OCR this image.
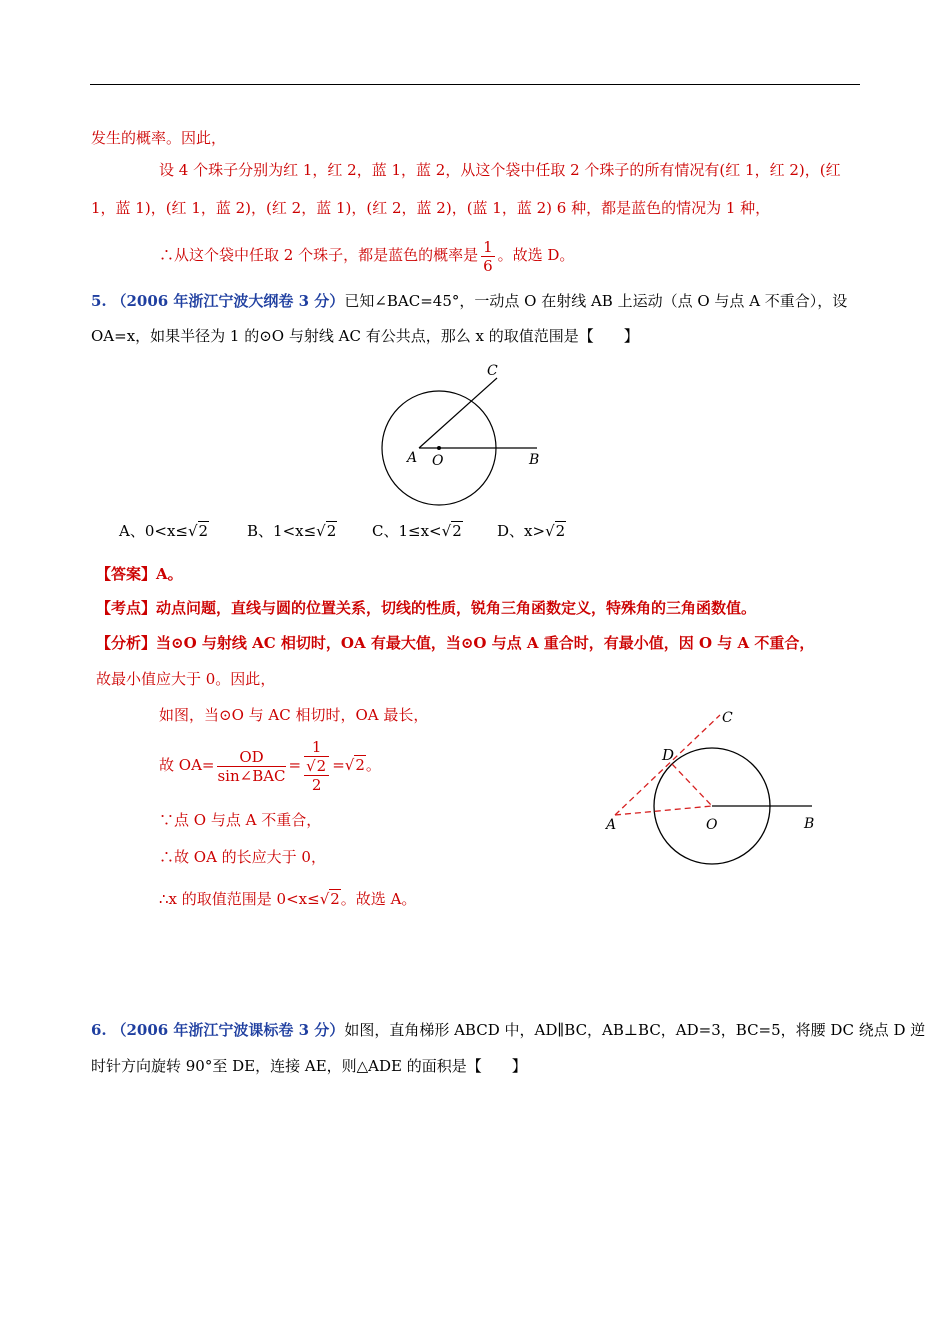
发生的概率。因此，
设 4 个珠子分别为红 1，红 2，蓝 1，蓝 2，从这个袋中任取 2 个珠子的所有情况有(红 1，红 2)，(红
1，蓝 1)，(红 1，蓝 2)，(红 2，蓝 1)，(红 2，蓝 2)，(蓝 1，蓝 2) 6 种，都是蓝色的情况为 1 种，
∴从这个袋中任取 2 个珠子，都是蓝色的概率是 $\frac{1}{6}$ 。故选 D。
5. （2006 年浙江宁波大纲卷 3 分）已知∠BAC=45°，一动点 O 在射线 AB 上运动（点 O 与点 A 不重合），设
OA=x，如果半径为 1 的⊙O 与射线 AC 有公共点，那么 x 的取值范围是【　　】
A O	B
C
A、0<x≤√2	B、1<x≤√2 C、1≤x<√2 D、x>√2
【答案】A。
【考点】动点问题，直线与圆的位置关系，切线的性质，锐角三角函数定义，特殊角的三角函数值。
【分析】当⊙O 与射线 AC 相切时，OA 有最大值，当⊙O 与点 A 重合时，有最小值，因 O 与 A 不重合，
故最小值应大于 0。因此，
如图，当⊙O 与 AC 相切时，OA 最长，
故 $OA= \frac{OD}{\text{sin∠BAC}} = \frac{1}{\frac{√2}{2}} =√2$。
∵点 O 与点 A 不重合，
∴故 OA 的长应大于 0，
∴x 的取值范围是 0<x≤√2。故选 A。
A	O	B
C
D
6. （2006 年浙江宁波课标卷 3 分）如图，直角梯形 ABCD 中，AD∥BC，AB⊥BC，AD=3，BC=5，将腰 DC 绕点 D 逆
时针方向旋转 90°至 DE，连接 AE，则△ADE 的面积是【　　】
